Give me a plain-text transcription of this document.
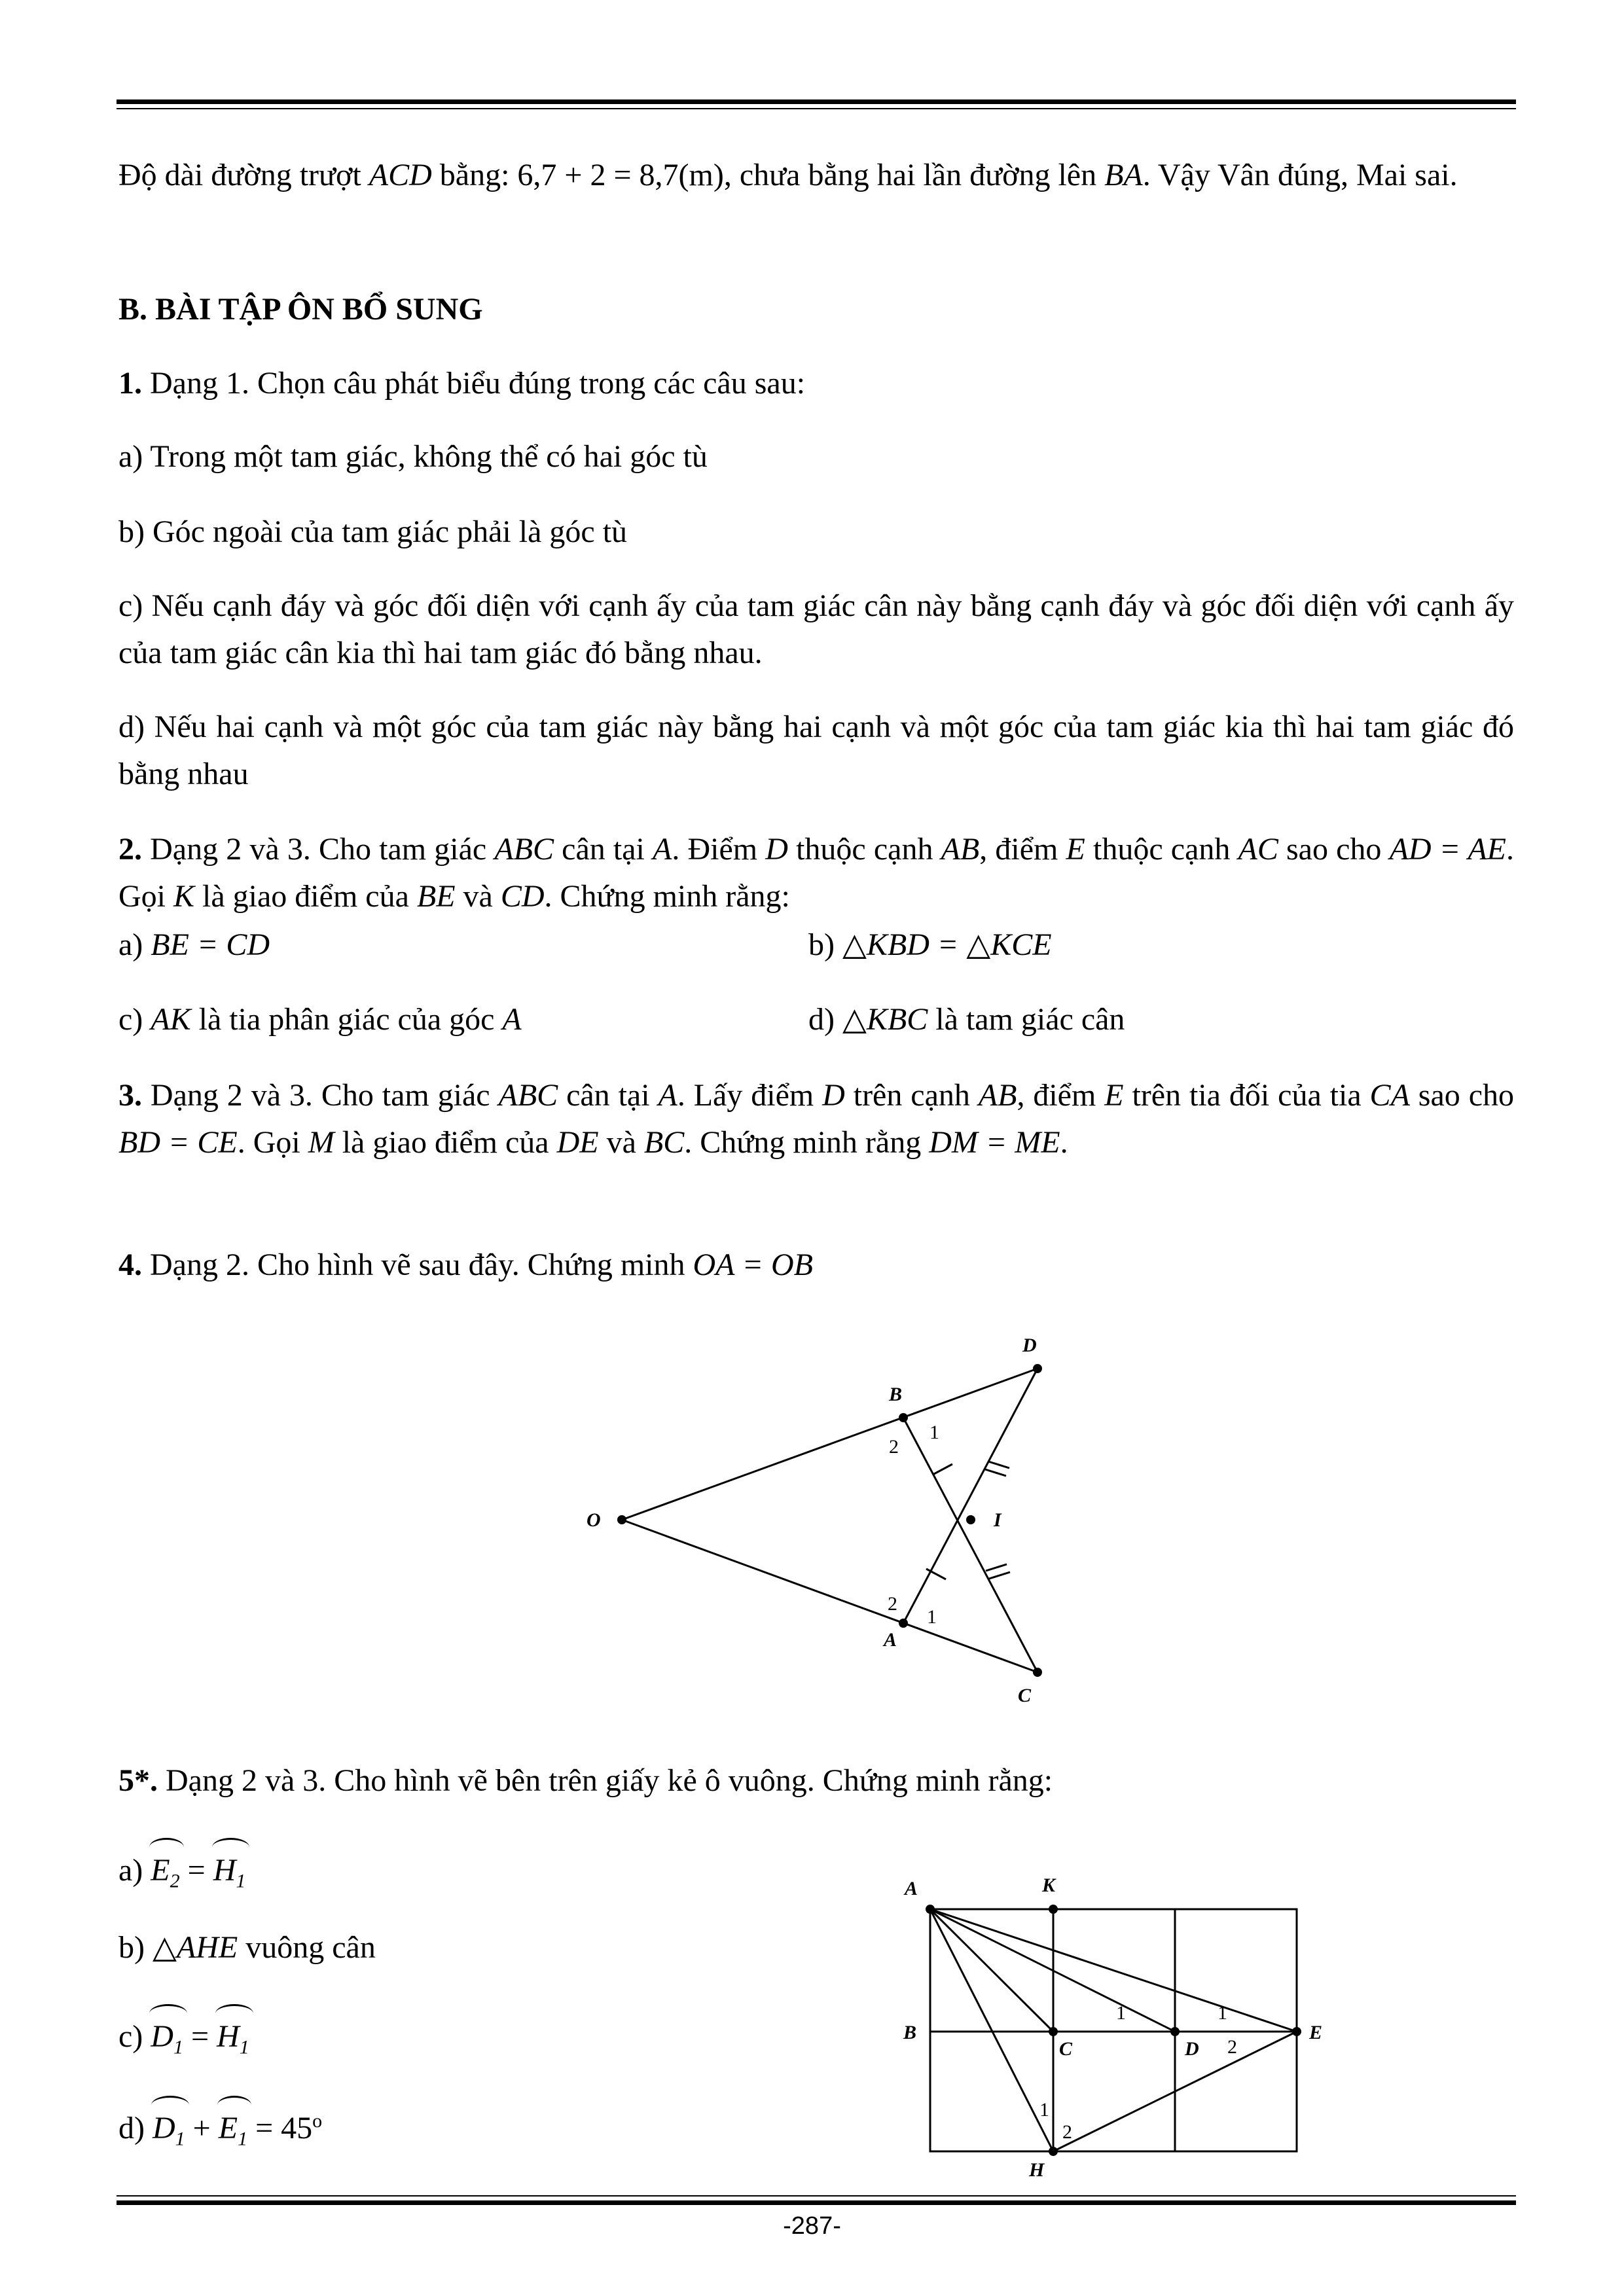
Độ dài đường trượt ACD bằng: 6,7 + 2 = 8,7(m), chưa bằng hai lần đường lên BA. Vậy Vân đúng, Mai sai.
B. BÀI TẬP ÔN BỔ SUNG
1. Dạng 1. Chọn câu phát biểu đúng trong các câu sau:
a) Trong một tam giác, không thể có hai góc tù
b) Góc ngoài của tam giác phải là góc tù
c) Nếu cạnh đáy và góc đối diện với cạnh ấy của tam giác cân này bằng cạnh đáy và góc đối diện với cạnh ấy của tam giác cân kia thì hai tam giác đó bằng nhau.
d) Nếu hai cạnh và một góc của tam giác này bằng hai cạnh và một góc của tam giác kia thì hai tam giác đó bằng nhau
2. Dạng 2 và 3. Cho tam giác ABC cân tại A. Điểm D thuộc cạnh AB, điểm E thuộc cạnh AC sao cho AD = AE. Gọi K là giao điểm của BE và CD. Chứng minh rằng:
a) BE = CD	b) △KBD = △KCE
c) AK là tia phân giác của góc A	d) △KBC là tam giác cân
3. Dạng 2 và 3. Cho tam giác ABC cân tại A. Lấy điểm D trên cạnh AB, điểm E trên tia đối của tia CA sao cho BD = CE. Gọi M là giao điểm của DE và BC. Chứng minh rằng DM = ME.
4. Dạng 2. Cho hình vẽ sau đây. Chứng minh OA = OB
O
B
D
I
A
C
1
2
2
1
5*. Dạng 2 và 3. Cho hình vẽ bên trên giấy kẻ ô vuông. Chứng minh rằng:
a) $E_2 = H_1$
b) △AHE vuông cân
c) $D_1 = H_1$
d) $D_1 + E_1 = 45^o$
A	K
B
C	D
E
H
1	1
2
1
2
-287-
